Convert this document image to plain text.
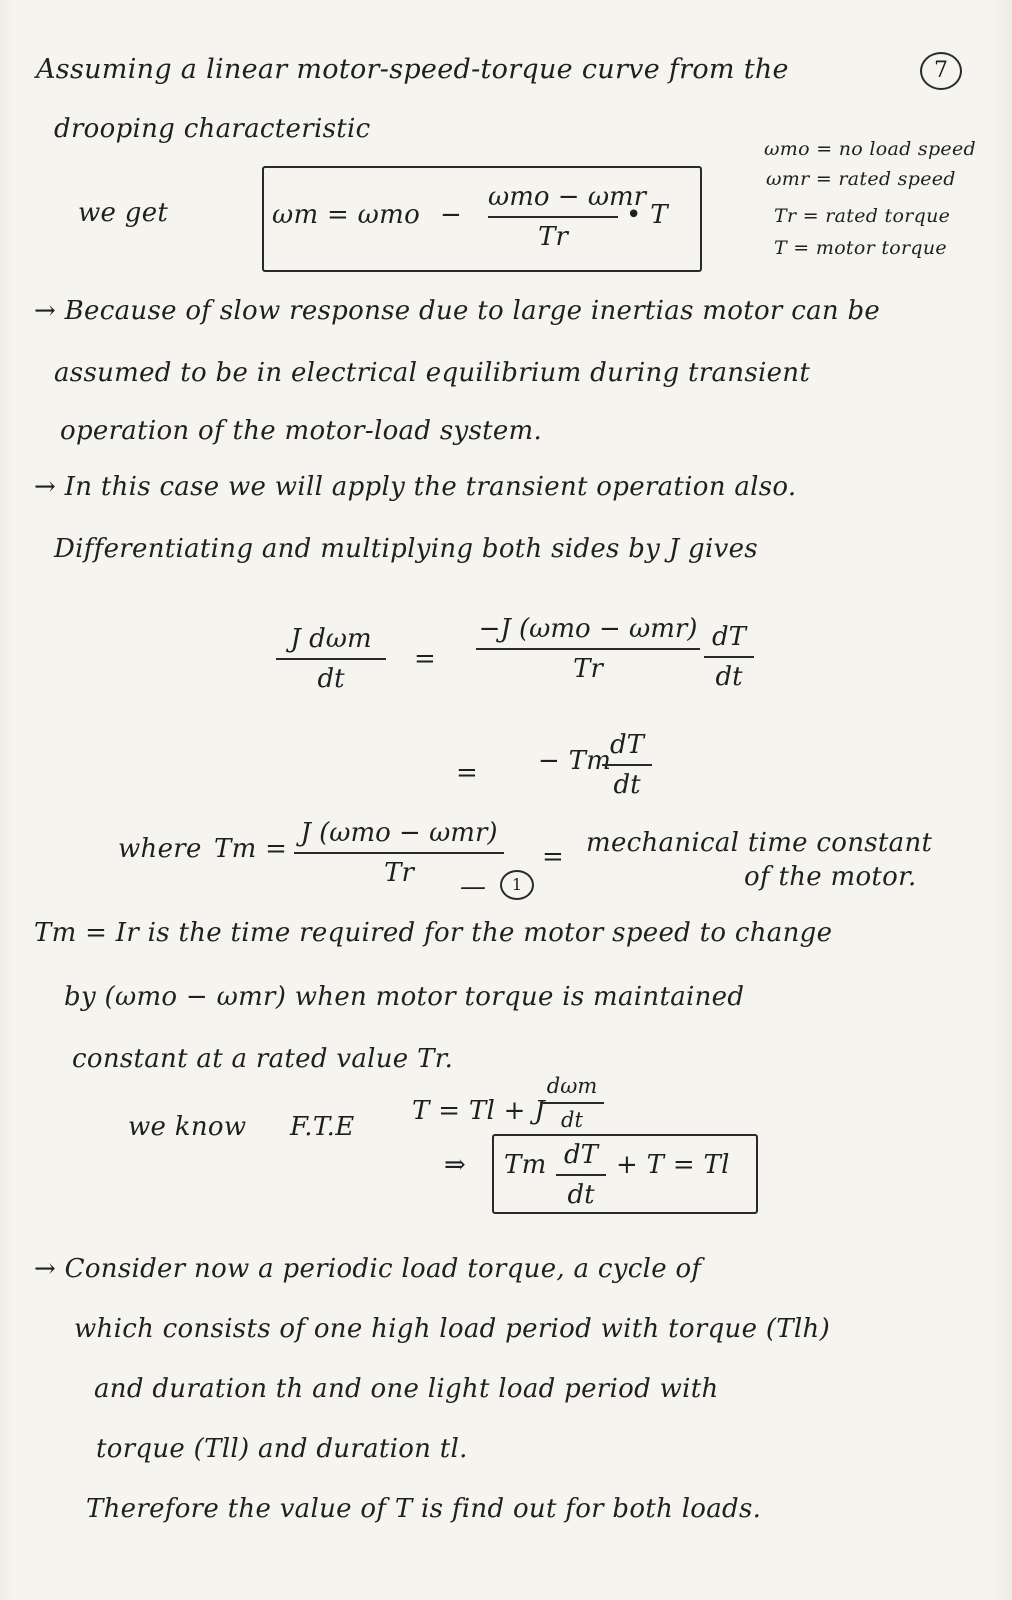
7
Assuming a linear motor-speed-torque curve from the
drooping characteristic
ωmo = no load speed
ωmr = rated speed
Tr = rated torque
T = motor torque
we get	ωm = ωmo −
ωmo − ωmr
Tr
• T
→ Because of slow response due to large inertias motor can be
assumed to be in electrical equilibrium during transient
operation of the motor-load system.
→ In this case we will apply the transient operation also.
Differentiating and multiplying both sides by J gives
J dωm
dt
=
−J (ωmo − ωmr)
Tr
dT
dt
= − Τm
dT
dt
where Τm =
J (ωmo − ωmr)
Tr	—	1
= mechanical time constant
of the motor.
Τm = Ir is the time required for the motor speed to change
by (ωmo − ωmr) when motor torque is maintained
constant at a rated value Tr.
we know F.T.E
T = Tl + J
dωm
dt
⇒ Τm dT
dt
+ T = Tl
→ Consider now a periodic load torque, a cycle of
which consists of one high load period with torque (Tlh)
and duration th and one light load period with
torque (Tll) and duration tl.
Therefore the value of T is find out for both loads.
